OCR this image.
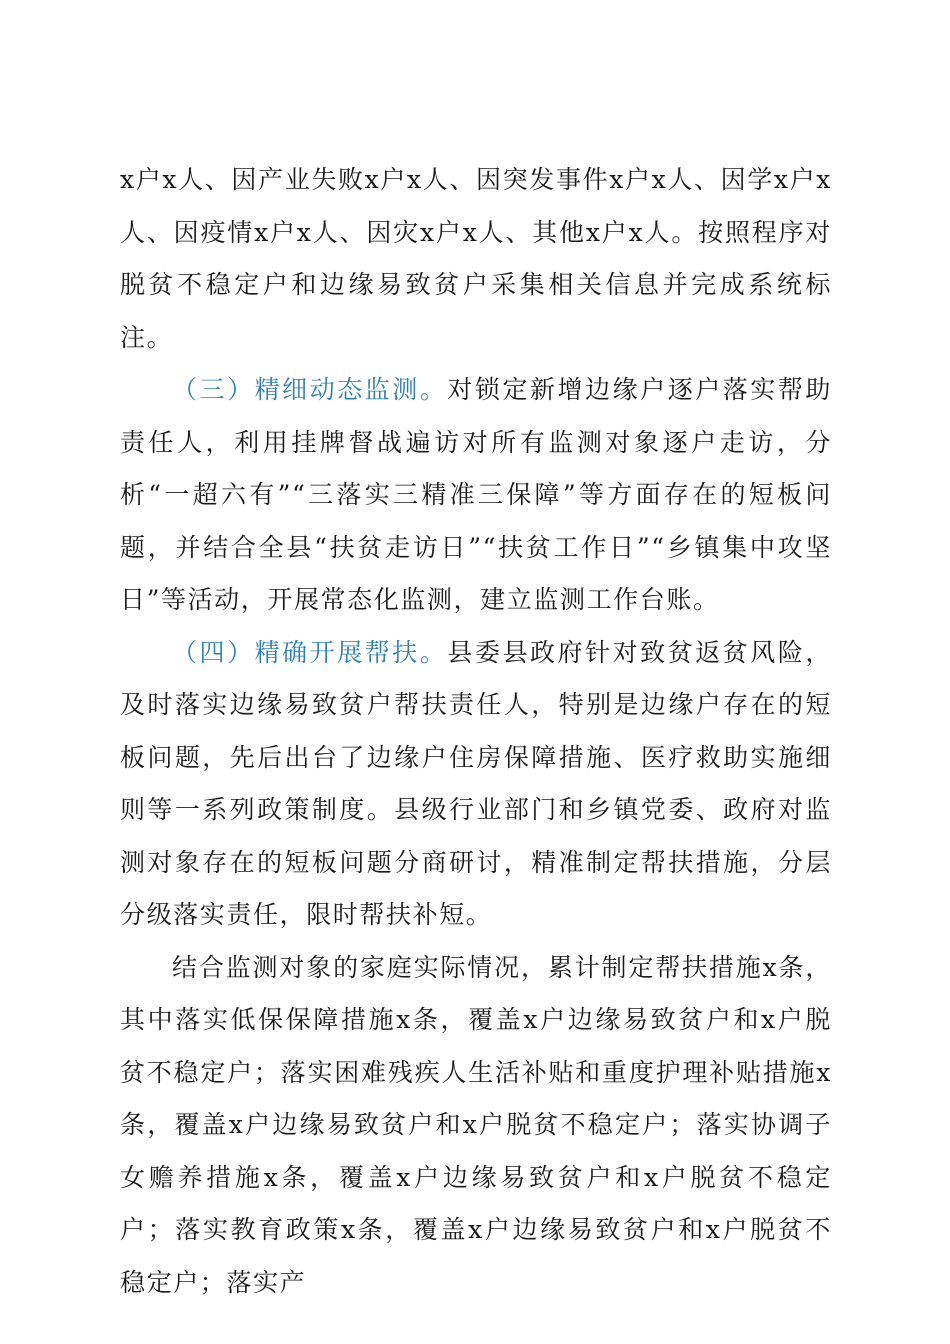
x户x人、因产业失败x户x人、因突发事件x户x人、因学x户x人、因疫情x户x人、因灾x户x人、其他x户x人。按照程序对脱贫不稳定户和边缘易致贫户采集相关信息并完成系统标注。

（三）精细动态监测。对锁定新增边缘户逐户落实帮助责任人，利用挂牌督战遍访对所有监测对象逐户走访，分析“一超六有”“三落实三精准三保障”等方面存在的短板问题，并结合全县“扶贫走访日”“扶贫工作日”“乡镇集中攻坚日”等活动，开展常态化监测，建立监测工作台账。

（四）精确开展帮扶。县委县政府针对致贫返贫风险，及时落实边缘易致贫户帮扶责任人，特别是边缘户存在的短板问题，先后出台了边缘户住房保障措施、医疗救助实施细则等一系列政策制度。县级行业部门和乡镇党委、政府对监测对象存在的短板问题分商研讨，精准制定帮扶措施，分层分级落实责任，限时帮扶补短。

结合监测对象的家庭实际情况，累计制定帮扶措施x条，其中落实低保保障措施x条，覆盖x户边缘易致贫户和x户脱贫不稳定户；落实困难残疾人生活补贴和重度护理补贴措施x条，覆盖x户边缘易致贫户和x户脱贫不稳定户；落实协调子女赡养措施x条，覆盖x户边缘易致贫户和x户脱贫不稳定户；落实教育政策x条，覆盖x户边缘易致贫户和x户脱贫不稳定户；落实产
